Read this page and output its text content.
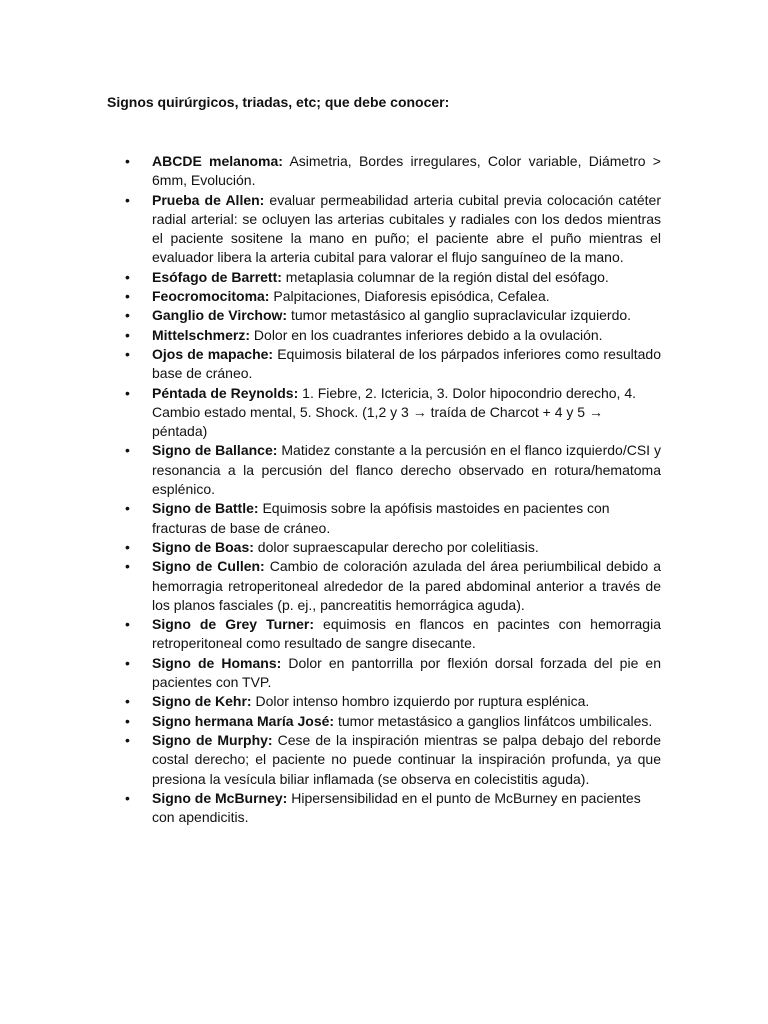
Signos quirúrgicos, triadas, etc; que debe conocer:
• ABCDE melanoma: Asimetria, Bordes irregulares, Color variable, Diámetro > 6mm, Evolución.
• Prueba de Allen: evaluar permeabilidad arteria cubital previa colocación catéter radial arterial: se ocluyen las arterias cubitales y radiales con los dedos mientras el paciente sositene la mano en puño; el paciente abre el puño mientras el evaluador libera la arteria cubital para valorar el flujo sanguíneo de la mano.
• Esófago de Barrett: metaplasia columnar de la región distal del esófago.
• Feocromocitoma: Palpitaciones, Diaforesis episódica, Cefalea.
• Ganglio de Virchow: tumor metastásico al ganglio supraclavicular izquierdo.
• Mittelschmerz: Dolor en los cuadrantes inferiores debido a la ovulación.
• Ojos de mapache: Equimosis bilateral de los párpados inferiores como resultado base de cráneo.
• Péntada de Reynolds: 1. Fiebre, 2. Ictericia, 3. Dolor hipocondrio derecho, 4. Cambio estado mental, 5. Shock. (1,2 y 3 → traída de Charcot + 4 y 5 → péntada)
• Signo de Ballance: Matidez constante a la percusión en el flanco izquierdo/CSI y resonancia a la percusión del flanco derecho observado en rotura/hematoma esplénico.
• Signo de Battle: Equimosis sobre la apófisis mastoides en pacientes con fracturas de base de cráneo.
• Signo de Boas: dolor supraescapular derecho por colelitiasis.
• Signo de Cullen: Cambio de coloración azulada del área periumbilical debido a hemorragia retroperitoneal alrededor de la pared abdominal anterior a través de los planos fasciales (p. ej., pancreatitis hemorrágica aguda).
• Signo de Grey Turner: equimosis en flancos en pacintes con hemorragia retroperitoneal como resultado de sangre disecante.
• Signo de Homans: Dolor en pantorrilla por flexión dorsal forzada del pie en pacientes con TVP.
• Signo de Kehr: Dolor intenso hombro izquierdo por ruptura esplénica.
• Signo hermana María José: tumor metastásico a ganglios linfátcos umbilicales.
• Signo de Murphy: Cese de la inspiración mientras se palpa debajo del reborde costal derecho; el paciente no puede continuar la inspiración profunda, ya que presiona la vesícula biliar inflamada (se observa en colecistitis aguda).
• Signo de McBurney: Hipersensibilidad en el punto de McBurney en pacientes con apendicitis.
